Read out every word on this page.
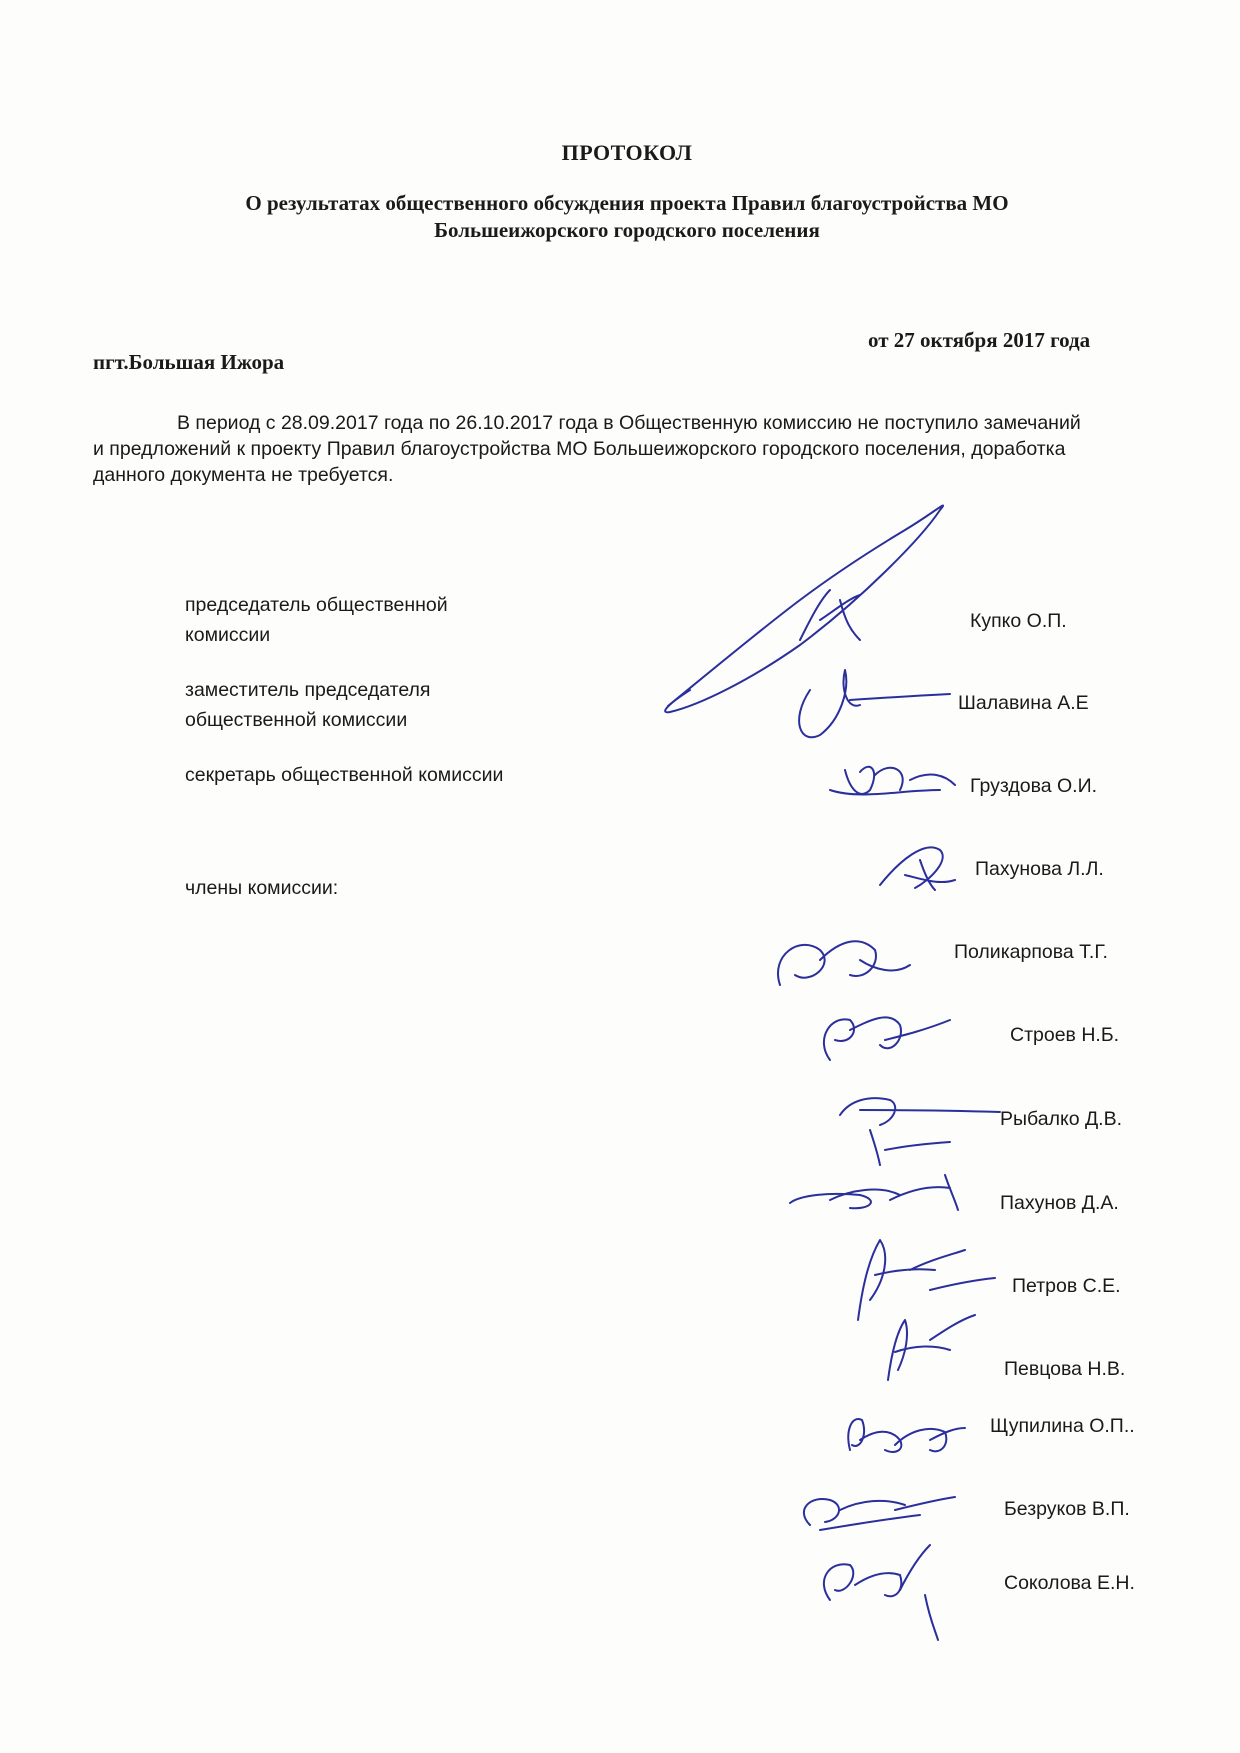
ПРОТОКОЛ
О результатах общественного обсуждения проекта Правил благоустройства МО
Большеижорского городского поселения
от 27 октября 2017 года
пгт.Большая Ижора
В период с 28.09.2017 года по 26.10.2017 года в Общественную комиссию не поступило замечаний и предложений к проекту Правил благоустройства МО Большеижорского городского поселения, доработка данного документа не требуется.
председатель общественной комиссии
заместитель председателя общественной комиссии
секретарь общественной комиссии
члены комиссии:
Купко О.П.
Шалавина А.Е
Груздова О.И.
Пахунова Л.Л.
Поликарпова Т.Г.
Строев Н.Б.
Рыбалко Д.В.
Пахунов Д.А.
Петров С.Е.
Певцова Н.В.
Щупилина О.П..
Безруков В.П.
Соколова Е.Н.
